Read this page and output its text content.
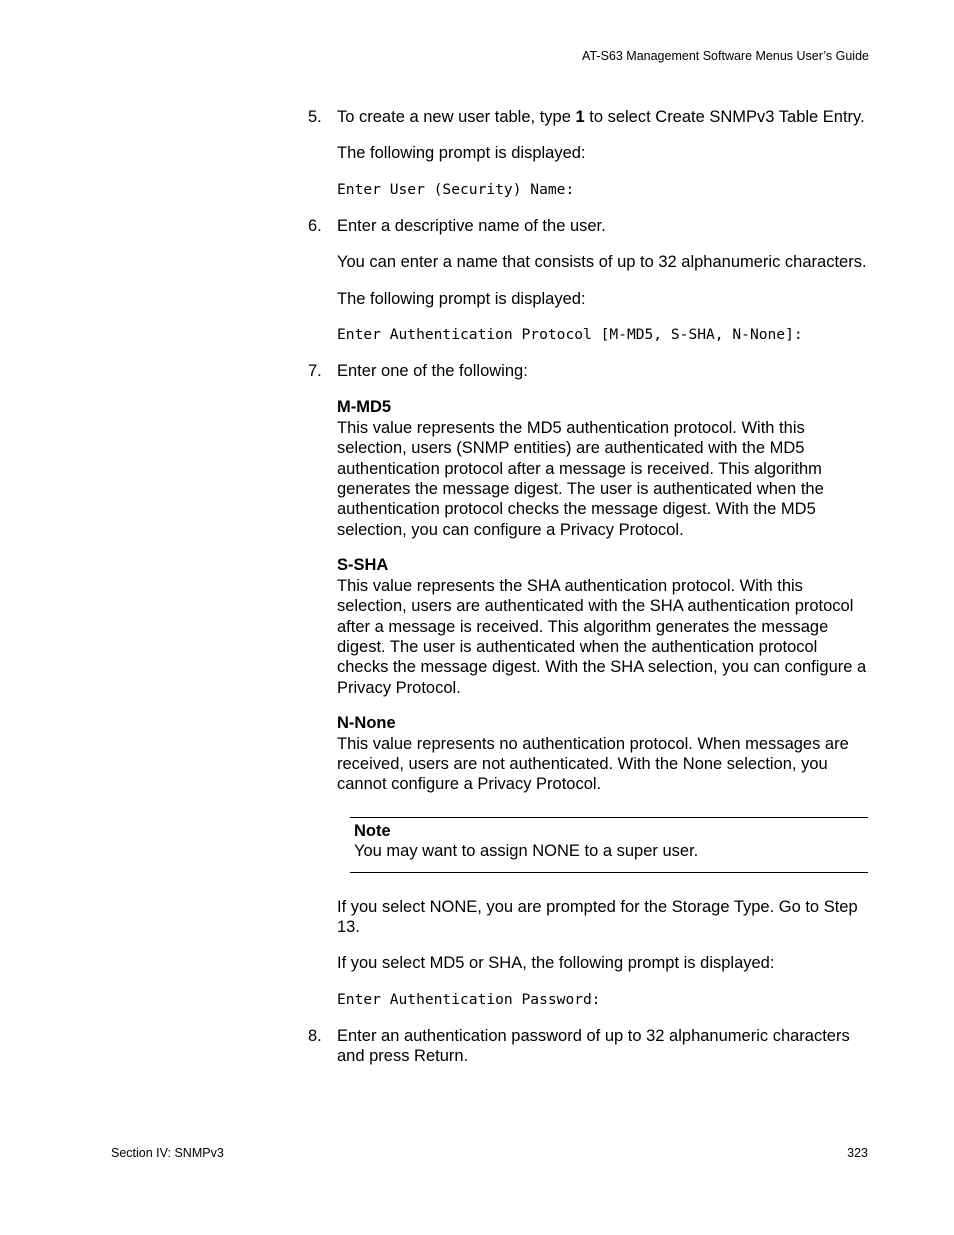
AT-S63 Management Software Menus User’s Guide
5. To create a new user table, type 1 to select Create SNMPv3 Table Entry.
The following prompt is displayed:
Enter User (Security) Name:
6. Enter a descriptive name of the user.
You can enter a name that consists of up to 32 alphanumeric characters.
The following prompt is displayed:
Enter Authentication Protocol [M-MD5, S-SHA, N-None]:
7. Enter one of the following:
M-MD5
This value represents the MD5 authentication protocol. With this selection, users (SNMP entities) are authenticated with the MD5 authentication protocol after a message is received. This algorithm generates the message digest. The user is authenticated when the authentication protocol checks the message digest. With the MD5 selection, you can configure a Privacy Protocol.
S-SHA
This value represents the SHA authentication protocol. With this selection, users are authenticated with the SHA authentication protocol after a message is received. This algorithm generates the message digest. The user is authenticated when the authentication protocol checks the message digest. With the SHA selection, you can configure a Privacy Protocol.
N-None
This value represents no authentication protocol. When messages are received, users are not authenticated. With the None selection, you cannot configure a Privacy Protocol.
Note
You may want to assign NONE to a super user.
If you select NONE, you are prompted for the Storage Type. Go to Step 13.
If you select MD5 or SHA, the following prompt is displayed:
Enter Authentication Password:
8. Enter an authentication password of up to 32 alphanumeric characters and press Return.
Section IV: SNMPv3	323
